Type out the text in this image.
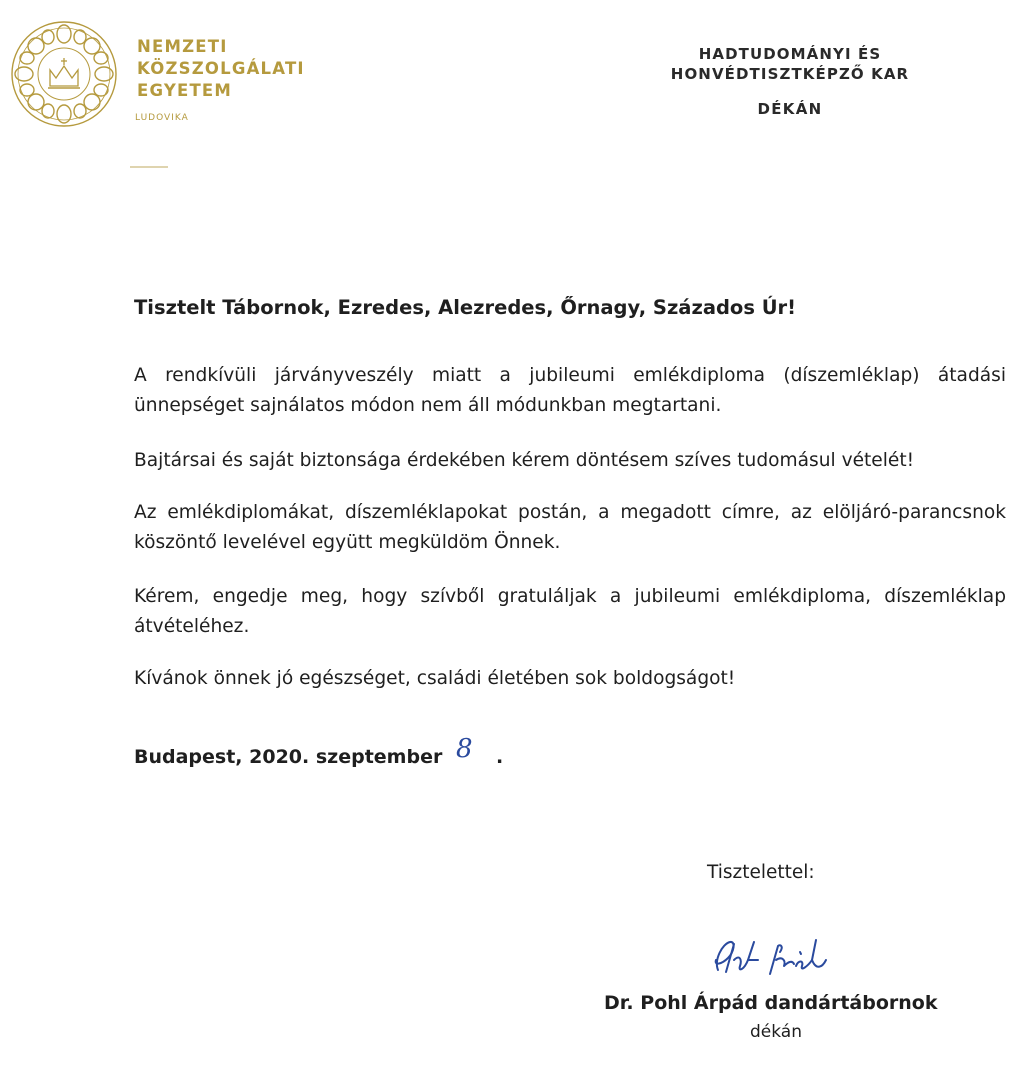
NEMZETI
KÖZSZOLGÁLATI
EGYETEM
LUDOVIKA
HADTUDOMÁNYI ÉS
HONVÉDTISZTKÉPZŐ KAR
DÉKÁN
Tisztelt Tábornok, Ezredes, Alezredes, Őrnagy, Százados Úr!
A rendkívüli járványveszély miatt a jubileumi emlékdiploma (díszemléklap) átadási ünnepséget sajnálatos módon nem áll módunkban megtartani.
Bajtársai és saját biztonsága érdekében kérem döntésem szíves tudomásul vételét!
Az emlékdiplomákat, díszemléklapokat postán, a megadott címre, az elöljáró-parancsnok köszöntő levelével együtt megküldöm Önnek.
Kérem, engedje meg, hogy szívből gratuláljak a jubileumi emlékdiploma, díszemléklap átvételéhez.
Kívánok önnek jó egészséget, családi életében sok boldogságot!
Budapest, 2020. szeptember 8 .
Tisztelettel:
Dr. Pohl Árpád dandártábornok
dékán
